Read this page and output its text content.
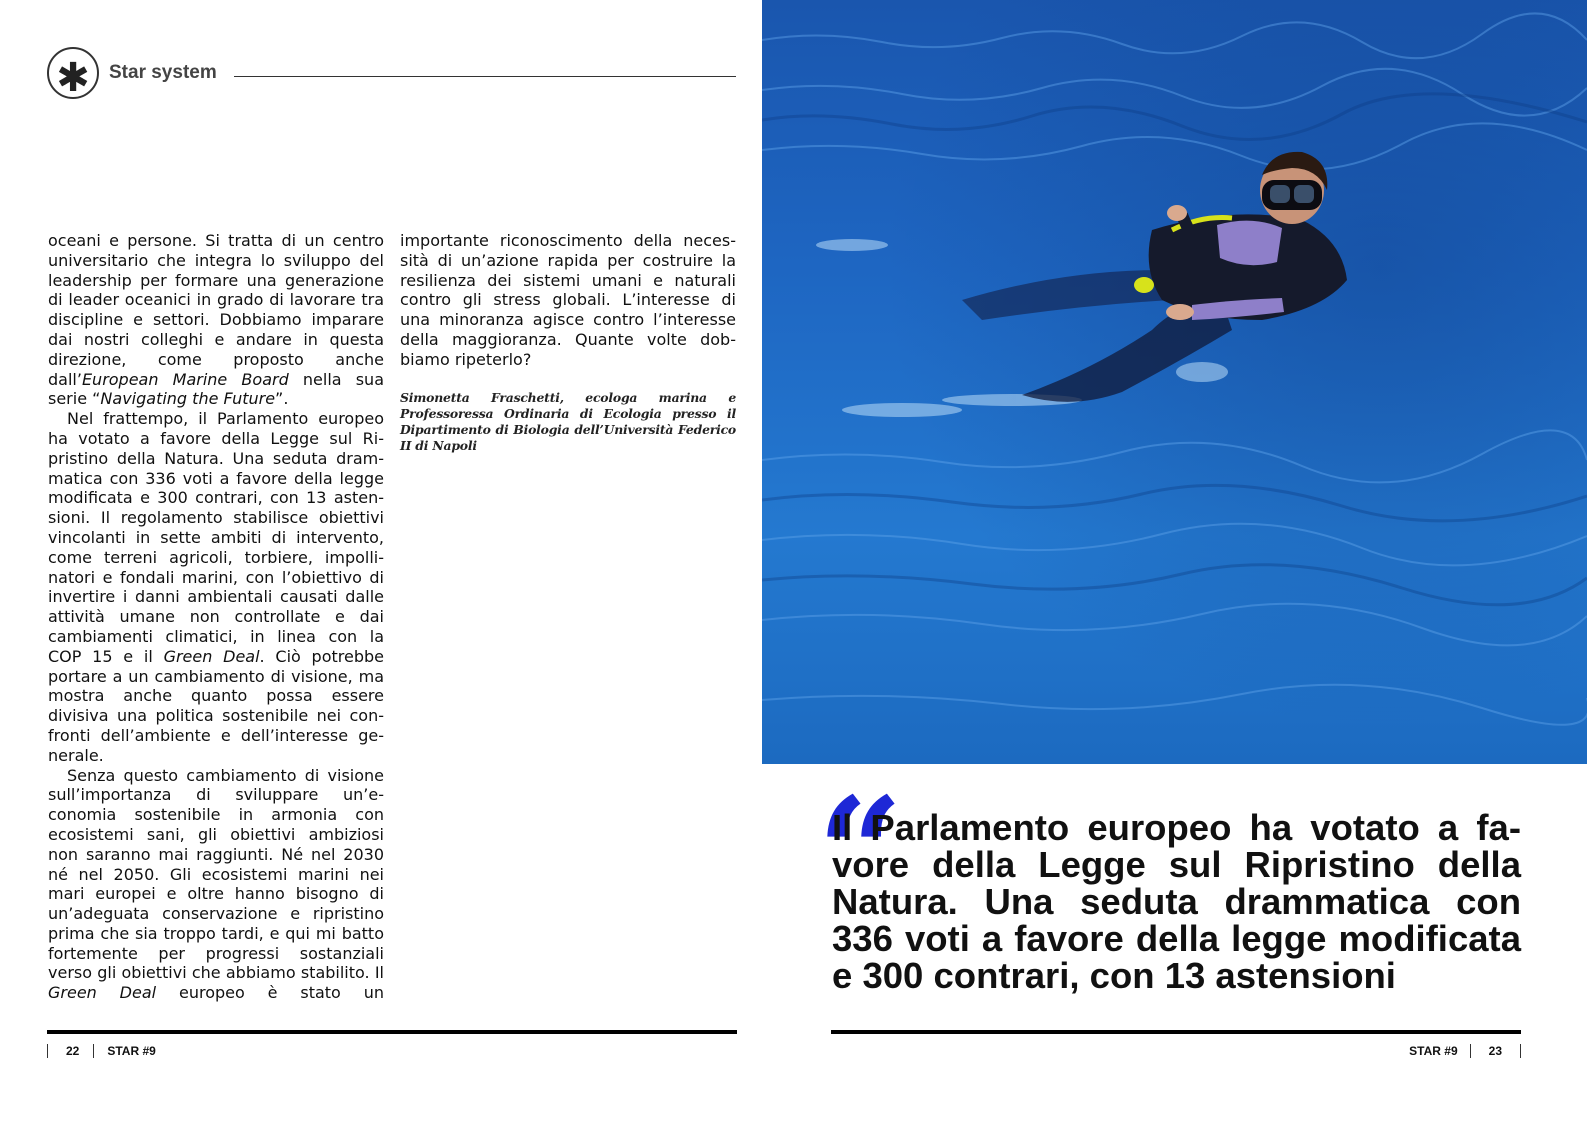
✱ Star system

oceani e persone. Si tratta di un centro universitario che integra lo sviluppo del leadership per formare una generazione di leader oceanici in grado di lavorare tra discipline e settori. Dobbiamo imparare dai nostri colleghi e andare in questa direzione, come proposto anche dall’European Marine Board nella sua serie “Navigating the Future”.

Nel frattempo, il Parlamento europeo ha votato a favore della Legge sul Ripristino della Natura. Una seduta drammatica con 336 voti a favore della legge modificata e 300 contrari, con 13 astensioni. Il regolamento stabilisce obiettivi vincolanti in sette ambiti di intervento, come terreni agricoli, torbiere, impollinatori e fondali marini, con l’obiettivo di invertire i danni ambientali causati dalle attività umane non controllate e dai cambiamenti climatici, in linea con la COP 15 e il Green Deal. Ciò potrebbe portare a un cambiamento di visione, ma mostra anche quanto possa essere divisiva una politica sostenibile nei confronti dell’ambiente e dell’interesse generale.

Senza questo cambiamento di visione sull’importanza di sviluppare un’economia sostenibile in armonia con ecosistemi sani, gli obiettivi ambiziosi non saranno mai raggiunti. Né nel 2030 né nel 2050. Gli ecosistemi marini nei mari europei e oltre hanno bisogno di un’adeguata conservazione e ripristino prima che sia troppo tardi, e qui mi batto fortemente per progressi sostanziali verso gli obiettivi che abbiamo stabilito. Il Green Deal europeo è stato un

importante riconoscimento della necessità di un’azione rapida per costruire la resilienza dei sistemi umani e naturali contro gli stress globali. L’interesse di una minoranza agisce contro l’interesse della maggioranza. Quante volte dobbiamo ripeterlo?

Simonetta Fraschetti, ecologa marina e Professoressa Ordinaria di Ecologia presso il Dipartimento di Biologia dell’Università Federico II di Napoli

22 STAR #9
“
Il Parlamento europeo ha votato a favore della Legge sul Ripristino della Natura. Una seduta drammatica con 336 voti a favore della legge modificata e 300 contrari, con 13 astensioni
STAR #9	23
